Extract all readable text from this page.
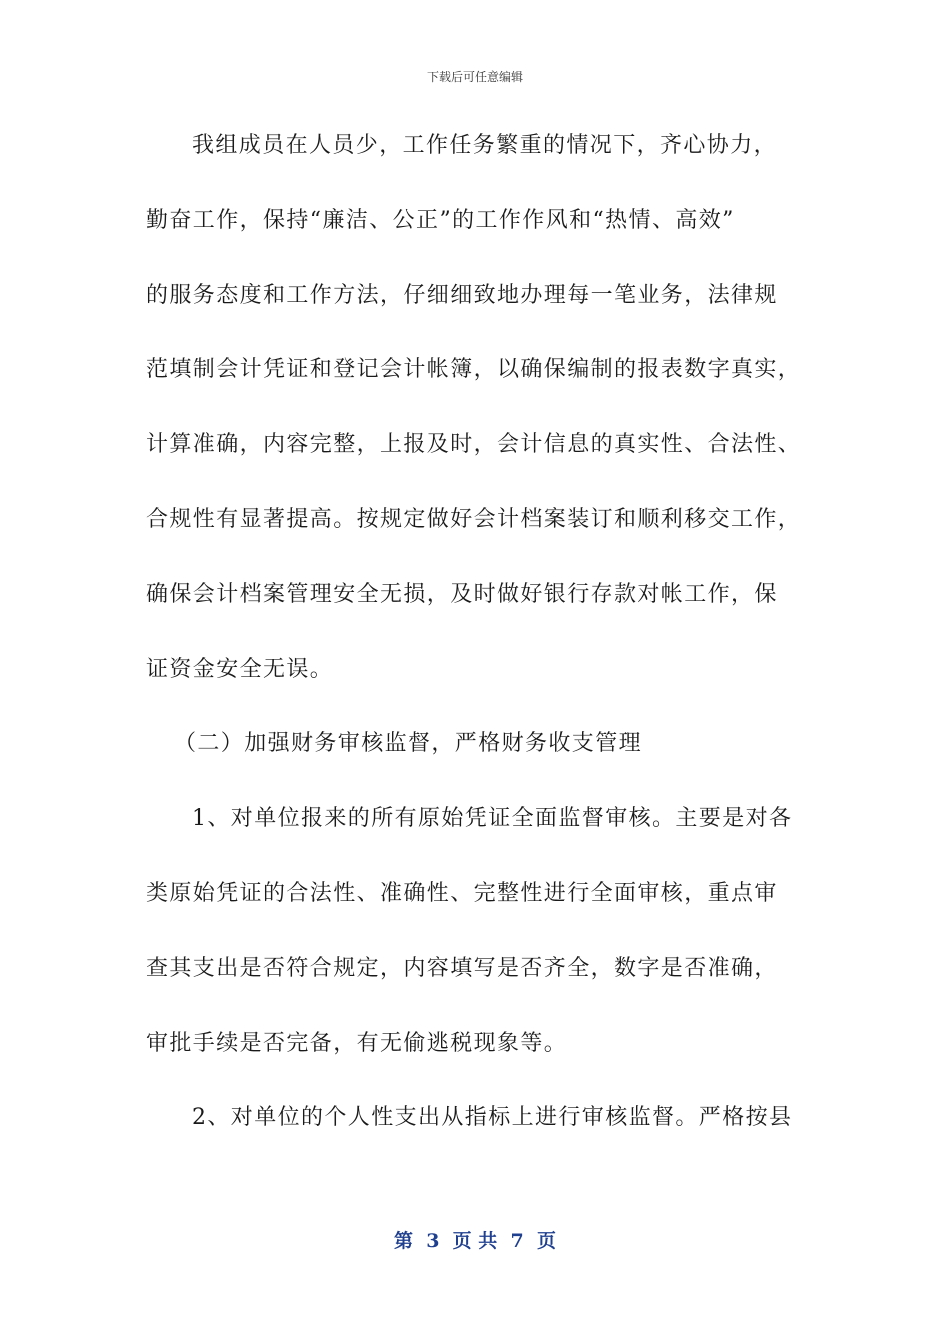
下载后可任意编辑
我组成员在人员少，工作任务繁重的情况下，齐心协力，
勤奋工作，保持“廉洁、公正”的工作作风和“热情、高效”
的服务态度和工作方法，仔细细致地办理每一笔业务，法律规
范填制会计凭证和登记会计帐簿，以确保编制的报表数字真实，
计算准确，内容完整，上报及时，会计信息的真实性、合法性、
合规性有显著提高。按规定做好会计档案装订和顺利移交工作，
确保会计档案管理安全无损，及时做好银行存款对帐工作，保
证资金安全无误。
（二）加强财务审核监督，严格财务收支管理
1、对单位报来的所有原始凭证全面监督审核。主要是对各
类原始凭证的合法性、准确性、完整性进行全面审核，重点审
查其支出是否符合规定，内容填写是否齐全，数字是否准确，
审批手续是否完备，有无偷逃税现象等。
2、对单位的个人性支出从指标上进行审核监督。严格按县
第  3  页 共  7  页
